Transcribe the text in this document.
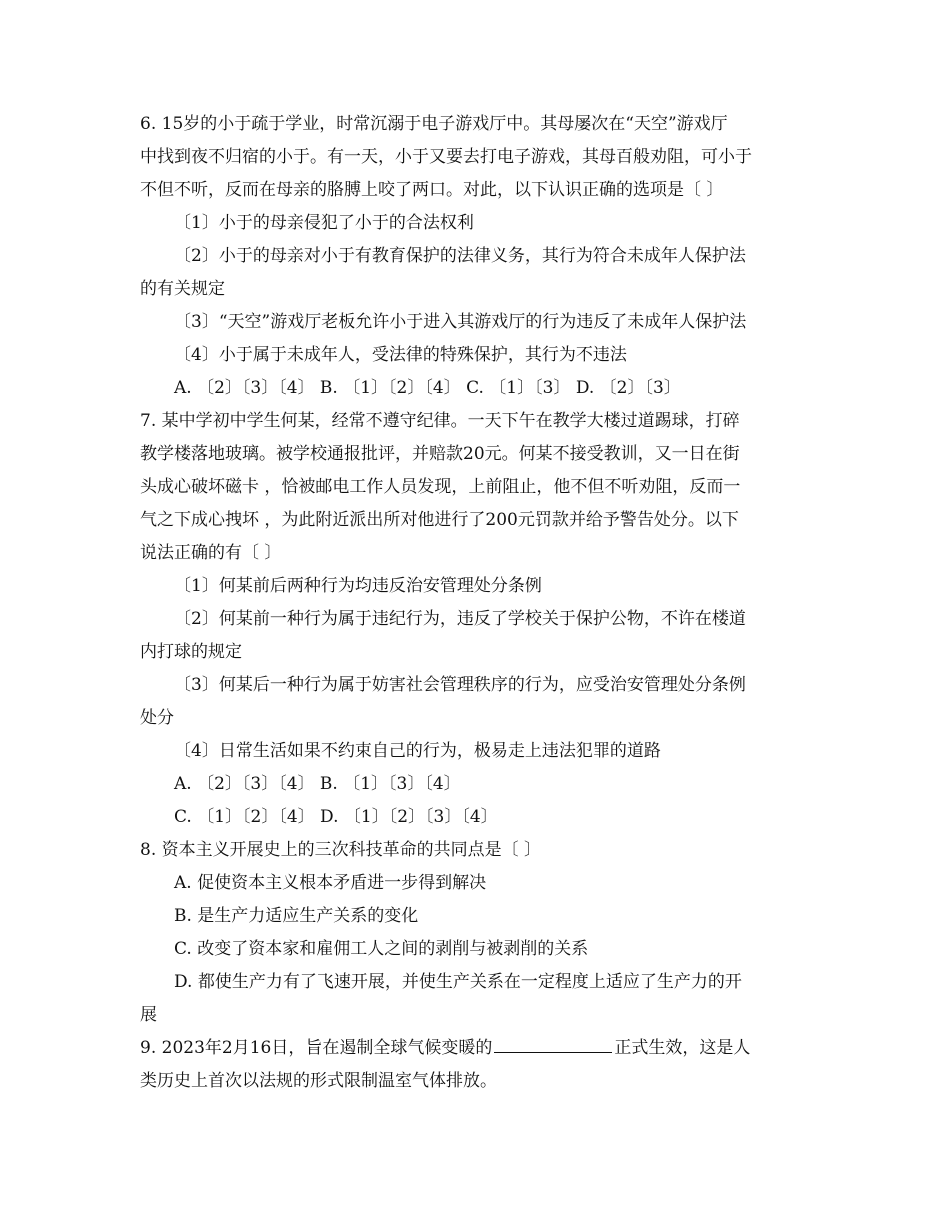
6. 15岁的小于疏于学业，时常沉溺于电子游戏厅中。其母屡次在“天空”游戏厅
中找到夜不归宿的小于。有一天，小于又要去打电子游戏，其母百般劝阻，可小于
不但不听，反而在母亲的胳膊上咬了两口。对此，以下认识正确的选项是〔 〕
〔1〕小于的母亲侵犯了小于的合法权利
〔2〕小于的母亲对小于有教育保护的法律义务，其行为符合未成年人保护法
的有关规定
〔3〕“天空”游戏厅老板允许小于进入其游戏厅的行为违反了未成年人保护法
〔4〕小于属于未成年人，受法律的特殊保护，其行为不违法
A. 〔2〕〔3〕〔4〕 B. 〔1〕〔2〕〔4〕 C. 〔1〕〔3〕 D. 〔2〕〔3〕
7. 某中学初中学生何某，经常不遵守纪律。一天下午在教学大楼过道踢球，打碎
教学楼落地玻璃。被学校通报批评，并赔款20元。何某不接受教训，又一日在街
头成心破坏磁卡 ，恰被邮电工作人员发现，上前阻止，他不但不听劝阻，反而一
气之下成心拽坏 ，为此附近派出所对他进行了200元罚款并给予警告处分。以下
说法正确的有〔 〕
〔1〕何某前后两种行为均违反治安管理处分条例
〔2〕何某前一种行为属于违纪行为，违反了学校关于保护公物，不许在楼道
内打球的规定
〔3〕何某后一种行为属于妨害社会管理秩序的行为，应受治安管理处分条例
处分
〔4〕日常生活如果不约束自己的行为，极易走上违法犯罪的道路
A. 〔2〕〔3〕〔4〕 B. 〔1〕〔3〕〔4〕
C. 〔1〕〔2〕〔4〕 D. 〔1〕〔2〕〔3〕〔4〕
8. 资本主义开展史上的三次科技革命的共同点是〔 〕
A. 促使资本主义根本矛盾进一步得到解决
B. 是生产力适应生产关系的变化
C. 改变了资本家和雇佣工人之间的剥削与被剥削的关系
D. 都使生产力有了飞速开展，并使生产关系在一定程度上适应了生产力的开
展
9. 2023年2月16日，旨在遏制全球气候变暖的	正式生效，这是人
类历史上首次以法规的形式限制温室气体排放。
